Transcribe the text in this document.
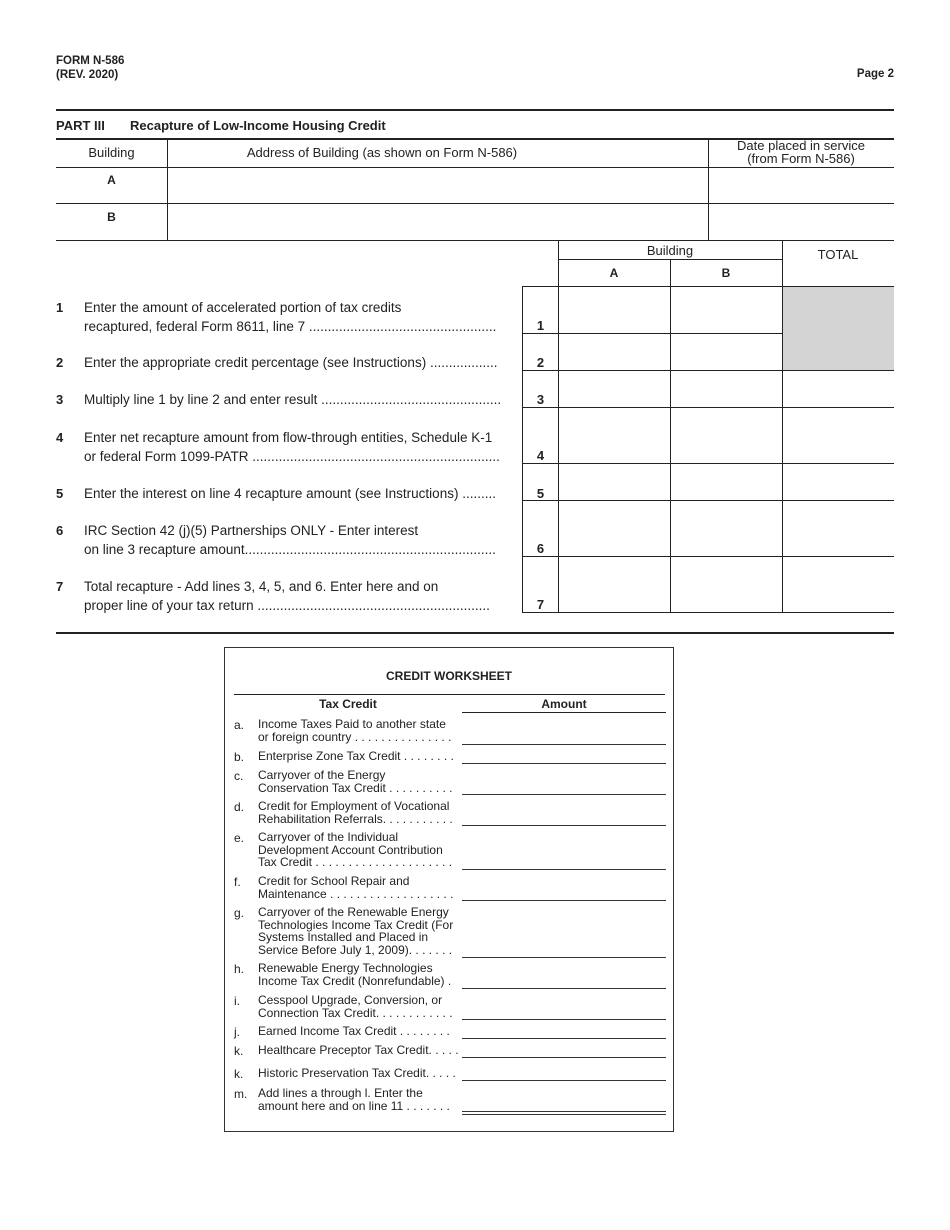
FORM N-586
(REV. 2020)	Page 2
PART III Recapture of Low-Income Housing Credit
Building	Address of Building (as shown on Form N-586)	Date placed in service
(from Form N-586)
A
B
Building
A	B
TOTAL
1 Enter the amount of accelerated portion of tax credits
recaptured, federal Form 8611, line 7 ..................................................	1
2 Enter the appropriate credit percentage (see Instructions) ..................	2
3 Multiply line 1 by line 2 and enter result ................................................	3
4 Enter net recapture amount from flow-through entities, Schedule K-1
or federal Form 1099-PATR ..................................................................	4
5 Enter the interest on line 4 recapture amount (see Instructions) .........	5
6 IRC Section 42 (j)(5) Partnerships ONLY - Enter interest
on line 3 recapture amount...................................................................	6
7 Total recapture - Add lines 3, 4, 5, and 6. Enter here and on
proper line of your tax return ..............................................................	7
CREDIT WORKSHEET
Tax Credit	Amount
a. Income Taxes Paid to another state
or foreign country . . . . . . . . . . . . . . .
b. Enterprise Zone Tax Credit . . . . . . . .
c. Carryover of the Energy
Conservation Tax Credit . . . . . . . . . .
d. Credit for Employment of Vocational
Rehabilitation Referrals. . . . . . . . . . .
e. Carryover of the Individual
Development Account Contribution
Tax Credit . . . . . . . . . . . . . . . . . . . . .
f. Credit for School Repair and
Maintenance . . . . . . . . . . . . . . . . . . .
g. Carryover of the Renewable Energy
Technologies Income Tax Credit (For
Systems Installed and Placed in
Service Before July 1, 2009). . . . . . .
h. Renewable Energy Technologies
Income Tax Credit (Nonrefundable) .
i. Cesspool Upgrade, Conversion, or
Connection Tax Credit. . . . . . . . . . . .
j. Earned Income Tax Credit . . . . . . . .
k. Healthcare Preceptor Tax Credit. . . . .
k. Historic Preservation Tax Credit. . . . .
m. Add lines a through l. Enter the
amount here and on line 11 . . . . . . .
